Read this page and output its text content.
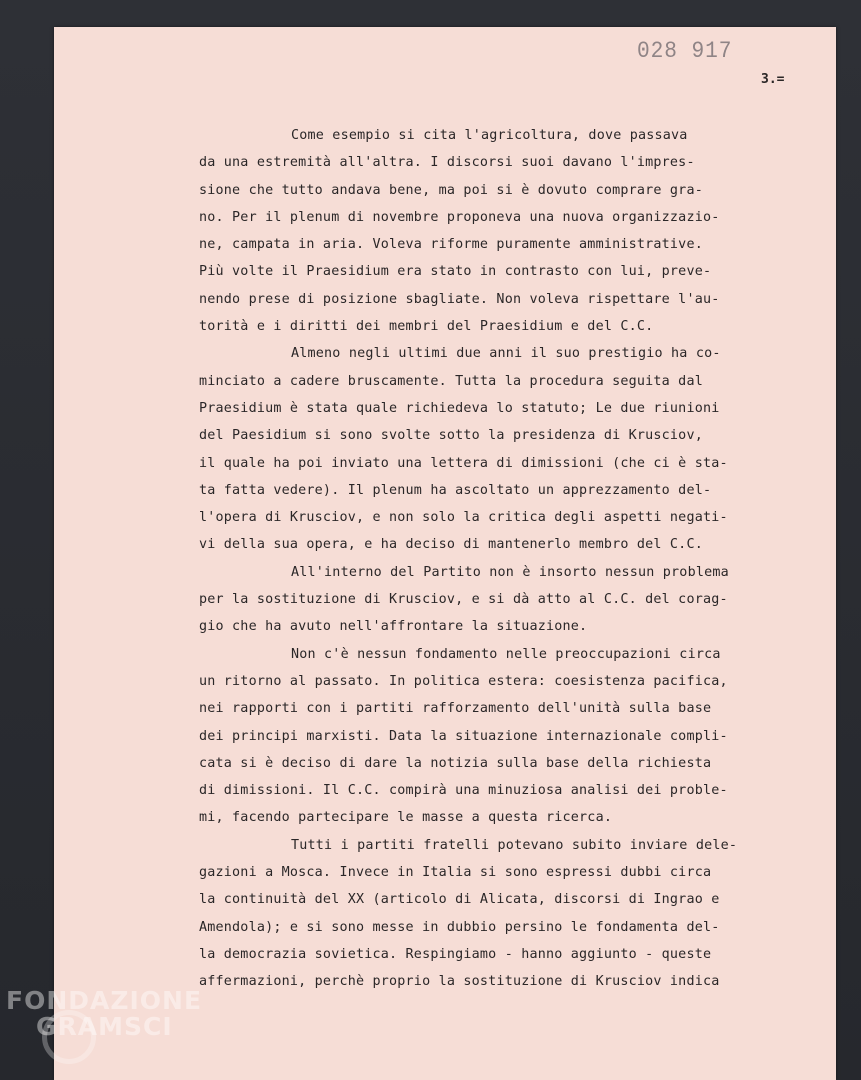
028 917
3.=
Come esempio si cita l'agricoltura, dove passava
da una estremità all'altra. I discorsi suoi davano l'impres-
sione che tutto andava bene, ma poi si è dovuto comprare gra-
no. Per il plenum di novembre proponeva una nuova organizzazio-
ne, campata in aria. Voleva riforme puramente amministrative.
Più volte il Praesidium era stato in contrasto con lui, preve-
nendo prese di posizione sbagliate. Non voleva rispettare l'au-
torità e i diritti dei membri del Praesidium e del C.C.
Almeno negli ultimi due anni il suo prestigio ha co-
minciato a cadere bruscamente. Tutta la procedura seguita dal
Praesidium è stata quale richiedeva lo statuto; Le due riunioni
del Paesidium si sono svolte sotto la presidenza di Krusciov,
il quale ha poi inviato una lettera di dimissioni (che ci è sta-
ta fatta vedere). Il plenum ha ascoltato un apprezzamento del-
l'opera di Krusciov, e non solo la critica degli aspetti negati-
vi della sua opera, e ha deciso di mantenerlo membro del C.C.
All'interno del Partito non è insorto nessun problema
per la sostituzione di Krusciov, e si dà atto al C.C. del corag-
gio che ha avuto nell'affrontare la situazione.
Non c'è nessun fondamento nelle preoccupazioni circa
un ritorno al passato. In politica estera: coesistenza pacifica,
nei rapporti con i partiti rafforzamento dell'unità sulla base
dei principi marxisti. Data la situazione internazionale compli-
cata si è deciso di dare la notizia sulla base della richiesta
di dimissioni. Il C.C. compirà una minuziosa analisi dei proble-
mi, facendo partecipare le masse a questa ricerca.
Tutti i partiti fratelli potevano subito inviare dele-
gazioni a Mosca. Invece in Italia si sono espressi dubbi circa
la continuità del XX (articolo di Alicata, discorsi di Ingrao e
Amendola); e si sono messe in dubbio persino le fondamenta del-
la democrazia sovietica. Respingiamo - hanno aggiunto - queste
affermazioni, perchè proprio la sostituzione di Krusciov indica
FONDAZIONE
GRAMSCI
